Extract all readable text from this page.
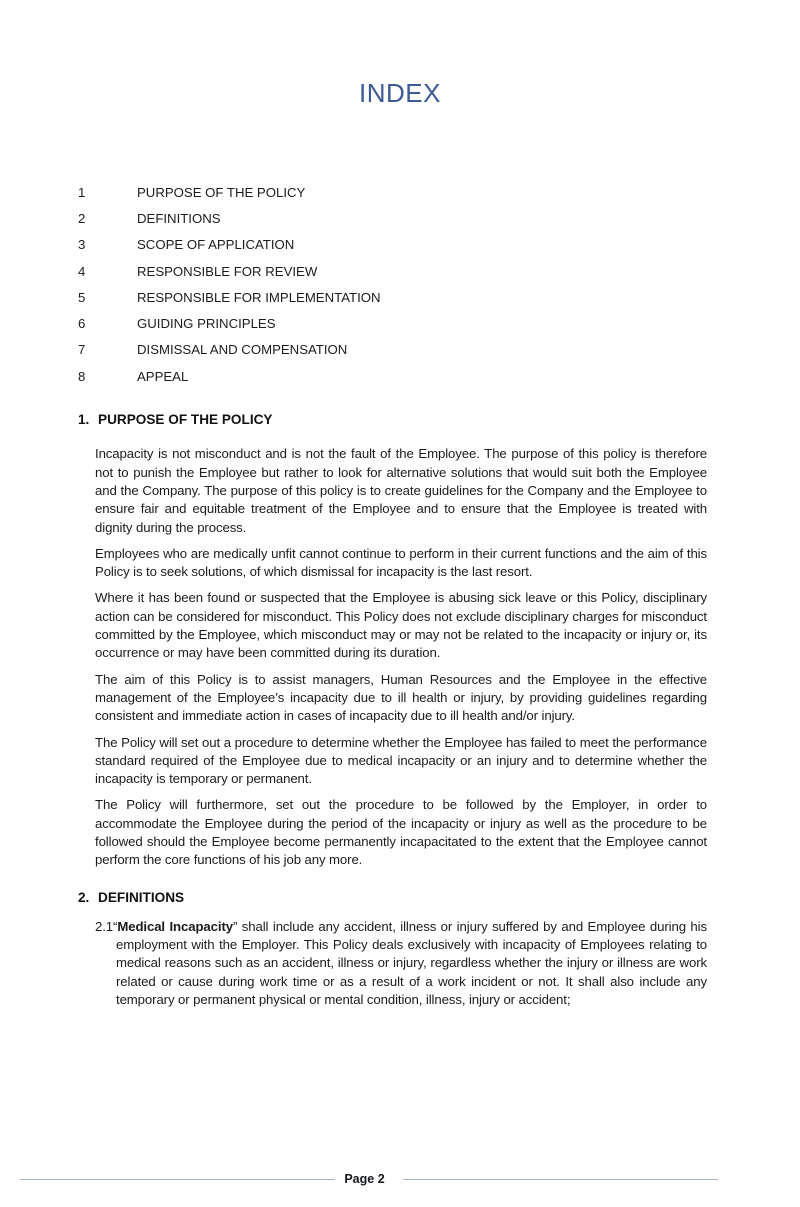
INDEX
1	PURPOSE OF THE POLICY
2	DEFINITIONS
3	SCOPE OF APPLICATION
4	RESPONSIBLE FOR REVIEW
5	RESPONSIBLE FOR IMPLEMENTATION
6	GUIDING PRINCIPLES
7	DISMISSAL AND COMPENSATION
8	APPEAL
1. PURPOSE OF THE POLICY

Incapacity is not misconduct and is not the fault of the Employee. The purpose of this policy is therefore not to punish the Employee but rather to look for alternative solutions that would suit both the Employee and the Company. The purpose of this policy is to create guidelines for the Company and the Employee to ensure fair and equitable treatment of the Employee and to ensure that the Employee is treated with dignity during the process.

Employees who are medically unfit cannot continue to perform in their current functions and the aim of this Policy is to seek solutions, of which dismissal for incapacity is the last resort.

Where it has been found or suspected that the Employee is abusing sick leave or this Policy, disciplinary action can be considered for misconduct. This Policy does not exclude disciplinary charges for misconduct committed by the Employee, which misconduct may or may not be related to the incapacity or injury or, its occurrence or may have been committed during its duration.

The aim of this Policy is to assist managers, Human Resources and the Employee in the effective management of the Employee’s incapacity due to ill health or injury, by providing guidelines regarding consistent and immediate action in cases of incapacity due to ill health and/or injury.

The Policy will set out a procedure to determine whether the Employee has failed to meet the performance standard required of the Employee due to medical incapacity or an injury and to determine whether the incapacity is temporary or permanent.

The Policy will furthermore, set out the procedure to be followed by the Employer, in order to accommodate the Employee during the period of the incapacity or injury as well as the procedure to be followed should the Employee become permanently incapacitated to the extent that the Employee cannot perform the core functions of his job any more.

2. DEFINITIONS

2.1“Medical Incapacity” shall include any accident, illness or injury suffered by and Employee during his employment with the Employer. This Policy deals exclusively with incapacity of Employees relating to medical reasons such as an accident, illness or injury, regardless whether the injury or illness are work related or cause during work time or as a result of a work incident or not. It shall also include any temporary or permanent physical or mental condition, illness, injury or accident;

Page 2
